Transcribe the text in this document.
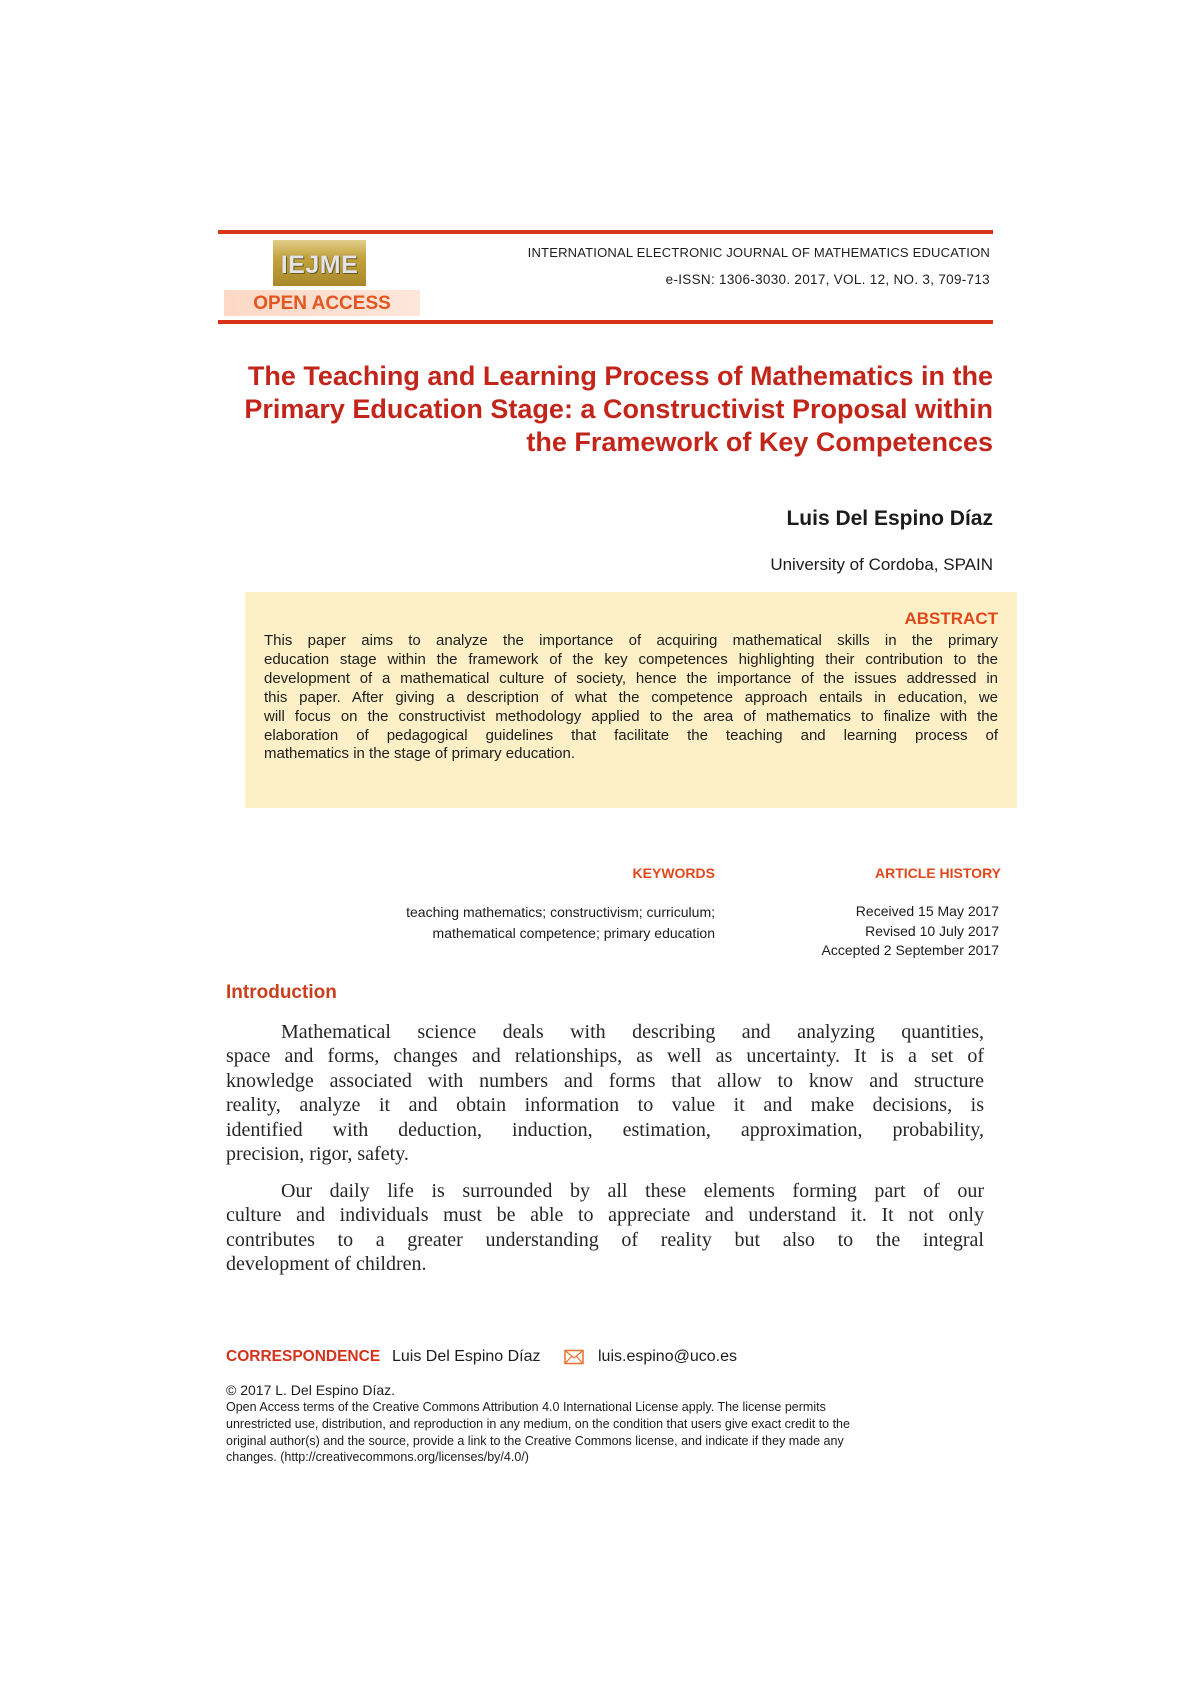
IEJME
OPEN ACCESS
INTERNATIONAL ELECTRONIC JOURNAL OF MATHEMATICS EDUCATION
e-ISSN: 1306-3030. 2017, VOL. 12, NO. 3, 709-713
The Teaching and Learning Process of Mathematics in the
Primary Education Stage: a Constructivist Proposal within
the Framework of Key Competences
Luis Del Espino Díaz
University of Cordoba, SPAIN
ABSTRACT
This paper aims to analyze the importance of acquiring mathematical skills in the primary
education stage within the framework of the key competences highlighting their contribution to the
development of a mathematical culture of society, hence the importance of the issues addressed in
this paper. After giving a description of what the competence approach entails in education, we
will focus on the constructivist methodology applied to the area of mathematics to finalize with the
elaboration of pedagogical guidelines that facilitate the teaching and learning process of
mathematics in the stage of primary education.
KEYWORDS
teaching mathematics; constructivism; curriculum;
mathematical competence; primary education
ARTICLE HISTORY
Received 15 May 2017
Revised 10 July 2017
Accepted 2 September 2017
Introduction
Mathematical science deals with describing and analyzing quantities,
space and forms, changes and relationships, as well as uncertainty. It is a set of
knowledge associated with numbers and forms that allow to know and structure
reality, analyze it and obtain information to value it and make decisions, is
identified with deduction, induction, estimation, approximation, probability,
precision, rigor, safety.
Our daily life is surrounded by all these elements forming part of our
culture and individuals must be able to appreciate and understand it. It not only
contributes to a greater understanding of reality but also to the integral
development of children.
CORRESPONDENCE Luis Del Espino Díaz	luis.espino@uco.es
© 2017 L. Del Espino Díaz.
Open Access terms of the Creative Commons Attribution 4.0 International License apply. The license permits
unrestricted use, distribution, and reproduction in any medium, on the condition that users give exact credit to the
original author(s) and the source, provide a link to the Creative Commons license, and indicate if they made any
changes. (http://creativecommons.org/licenses/by/4.0/)
